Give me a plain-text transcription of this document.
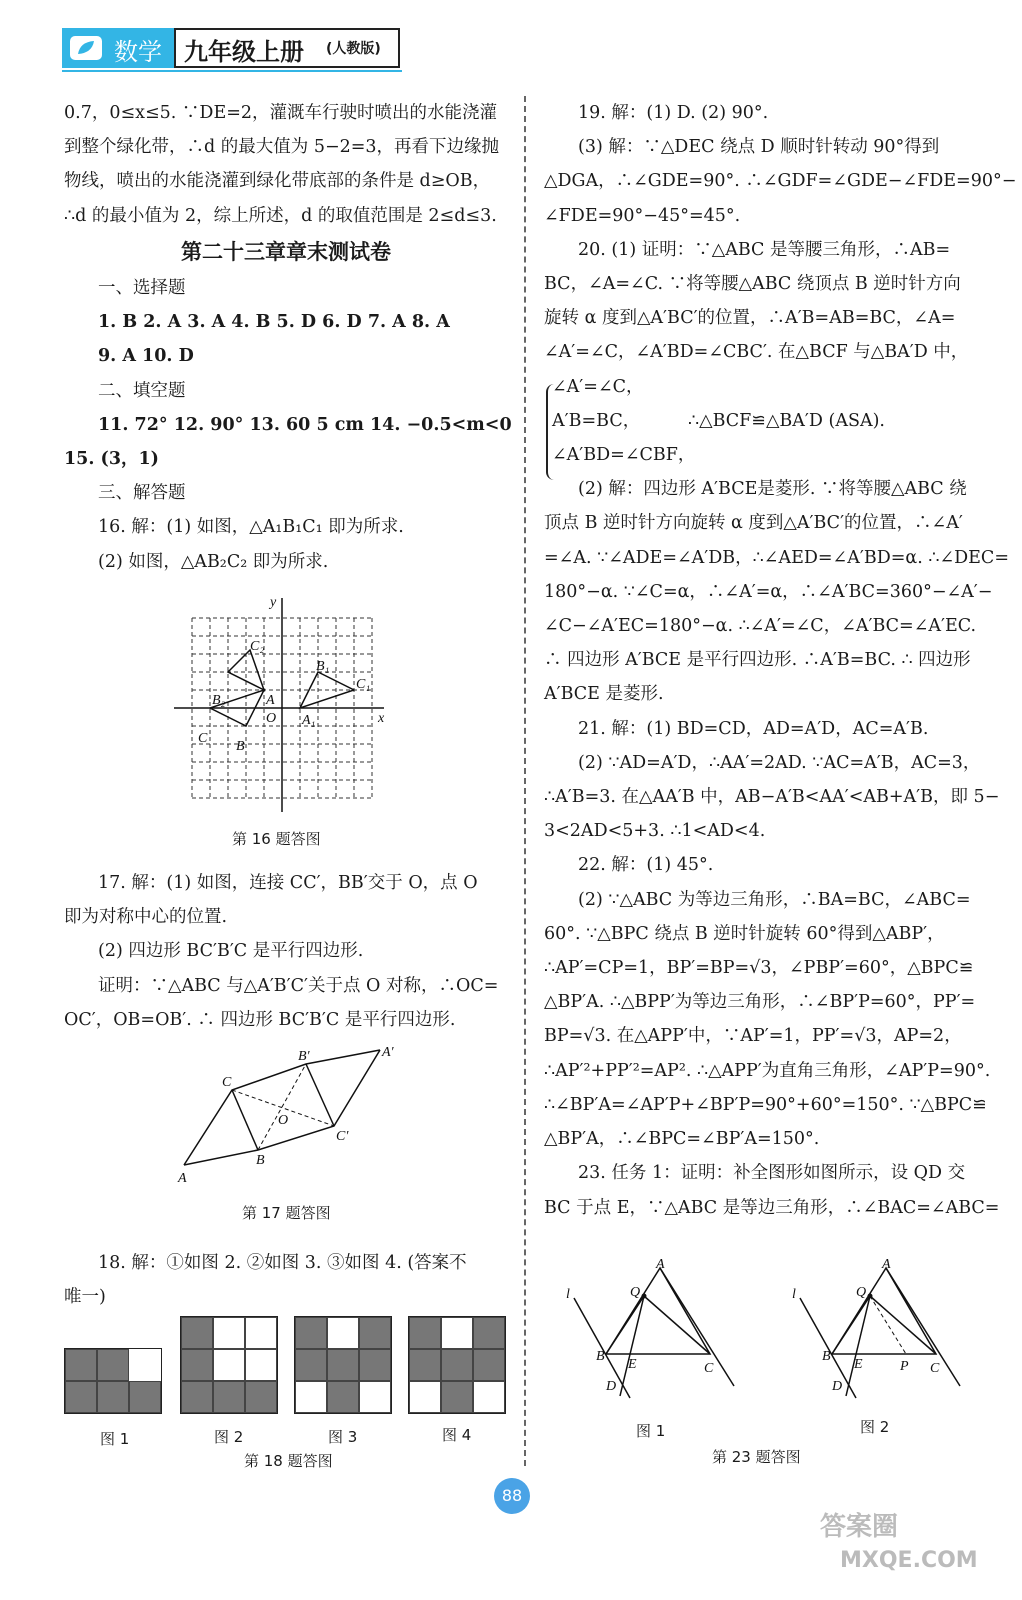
数学 九年级上册 (人教版)

0.7，0≤x≤5. ∵DE=2，灌溉车行驶时喷出的水能浇灌

到整个绿化带，∴d 的最大值为 5−2=3，再看下边缘抛

物线，喷出的水能浇灌到绿化带底部的条件是 d≥OB，

∴d 的最小值为 2，综上所述，d 的取值范围是 2≤d≤3.

第二十三章章末测试卷

一、选择题

1. B 2. A 3. A 4. B 5. D 6. D 7. A 8. A

9. A 10. D

二、填空题

11. 72° 12. 90° 13. 60 5 cm 14. −0.5<m<0

15. (3，1)

三、解答题

16. 解：(1) 如图，△A₁B₁C₁ 即为所求.

(2) 如图，△AB₂C₂ 即为所求.

y
x
C₂
B₁
C₁
B₂	A
O A₁
C
B
第 16 题答图

17. 解：(1) 如图，连接 CC′，BB′交于 O，点 O

即为对称中心的位置.

(2) 四边形 BC′B′C 是平行四边形.

证明：∵△ABC 与△A′B′C′关于点 O 对称，∴OC=

OC′，OB=OB′. ∴ 四边形 BC′B′C 是平行四边形.

C
B′	A′
O
C′
B
A
第 17 题答图

18. 解：①如图 2. ②如图 3. ③如图 4. (答案不

唯一)

图 1	图 2	图 3	图 4
第 18 题答图

19. 解：(1) D. (2) 90°.

(3) 解：∵△DEC 绕点 D 顺时针转动 90°得到

△DGA，∴∠GDE=90°. ∴∠GDF=∠GDE−∠FDE=90°−

∠FDE=90°−45°=45°.

20. (1) 证明：∵△ABC 是等腰三角形，∴AB=

BC，∠A=∠C. ∵将等腰△ABC 绕顶点 B 逆时针方向

旋转 α 度到△A′BC′的位置，∴A′B=AB=BC，∠A=

∠A′=∠C，∠A′BD=∠CBC′. 在△BCF 与△BA′D 中，

∠A′=∠C，

A′B=BC，	∴△BCF≌△BA′D (ASA).

∠A′BD=∠CBF，

(2) 解：四边形 A′BCE是菱形. ∵将等腰△ABC 绕

顶点 B 逆时针方向旋转 α 度到△A′BC′的位置，∴∠A′

=∠A. ∵∠ADE=∠A′DB，∴∠AED=∠A′BD=α. ∴∠DEC=

180°−α. ∵∠C=α，∴∠A′=α，∴∠A′BC=360°−∠A′−

∠C−∠A′EC=180°−α. ∴∠A′=∠C，∠A′BC=∠A′EC.

∴ 四边形 A′BCE 是平行四边形. ∴A′B=BC. ∴ 四边形

A′BCE 是菱形.

21. 解：(1) BD=CD，AD=A′D，AC=A′B.

(2) ∵AD=A′D，∴AA′=2AD. ∵AC=A′B，AC=3，

∴A′B=3. 在△AA′B 中，AB−A′B<AA′<AB+A′B，即 5−

3<2AD<5+3. ∴1<AD<4.

22. 解：(1) 45°.

(2) ∵△ABC 为等边三角形，∴BA=BC，∠ABC=

60°. ∵△BPC 绕点 B 逆时针旋转 60°得到△ABP′，

∴AP′=CP=1，BP′=BP=√3，∠PBP′=60°，△BPC≌

△BP′A. ∴△BPP′为等边三角形，∴∠BP′P=60°，PP′=

BP=√3. 在△APP′中，∵AP′=1，PP′=√3，AP=2，

∴AP′²+PP′²=AP². ∴△APP′为直角三角形，∠AP′P=90°.

∴∠BP′A=∠AP′P+∠BP′P=90°+60°=150°. ∵△BPC≌

△BP′A，∴∠BPC=∠BP′A=150°.

23. 任务 1：证明：补全图形如图所示，设 QD 交

BC 于点 E，∵△ABC 是等边三角形，∴∠BAC=∠ABC=

A
Q
l
B
E	C
D
A
Q
l
B
E	C
D
P
图 1	图 2
第 23 题答图
88
答案圈
MXQE.COM
